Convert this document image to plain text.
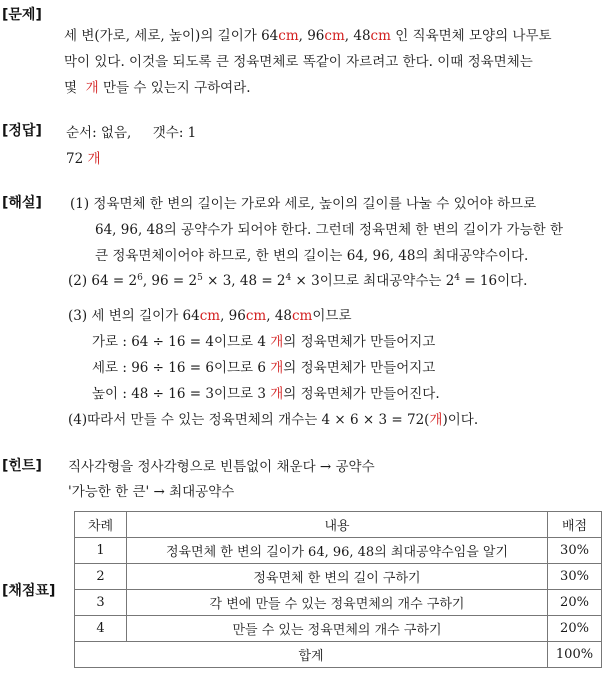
[문제]
세 변(가로, 세로, 높이)의 길이가 64cm, 96cm, 48cm 인 직육면체 모양의 나무토
막이 있다. 이것을 되도록 큰 정육면체로 똑같이 자르려고 한다. 이때 정육면체는
몇 개 만들 수 있는지 구하여라.
[정답] 순서: 없음, 갯수: 1
72 개
[해설] (1) 정육면체 한 변의 길이는 가로와 세로, 높이의 길이를 나눌 수 있어야 하므로
64, 96, 48의 공약수가 되어야 한다. 그런데 정육면체 한 변의 길이가 가능한 한
큰 정육면체이어야 하므로, 한 변의 길이는 64, 96, 48의 최대공약수이다.
(2) $64 = 2^6$, $96 = 2^5 \times 3$, $48 = 2^4 \times 3$이므로 최대공약수는 $2^4 = 16$이다.
(3) 세 변의 길이가 64cm, 96cm, 48cm이므로
가로 : 64 ÷ 16 = 4이므로 4 개의 정육면체가 만들어지고
세로 : 96 ÷ 16 = 6이므로 6 개의 정육면체가 만들어지고
높이 : 48 ÷ 16 = 3이므로 3 개의 정육면체가 만들어진다.
(4)따라서 만들 수 있는 정육면체의 개수는 4 × 6 × 3 = 72(개)이다.
[힌트] 직사각형을 정사각형으로 빈틈없이 채운다 → 공약수
'가능한 한 큰' → 최대공약수
[채점표]
차례	내용	배점
1	정육면체 한 변의 길이가 64, 96, 48의 최대공약수임을 알기	30%
2	정육면체 한 변의 길이 구하기	30%
3	각 변에 만들 수 있는 정육면체의 개수 구하기	20%
4	만들 수 있는 정육면체의 개수 구하기	20%
합계		100%
